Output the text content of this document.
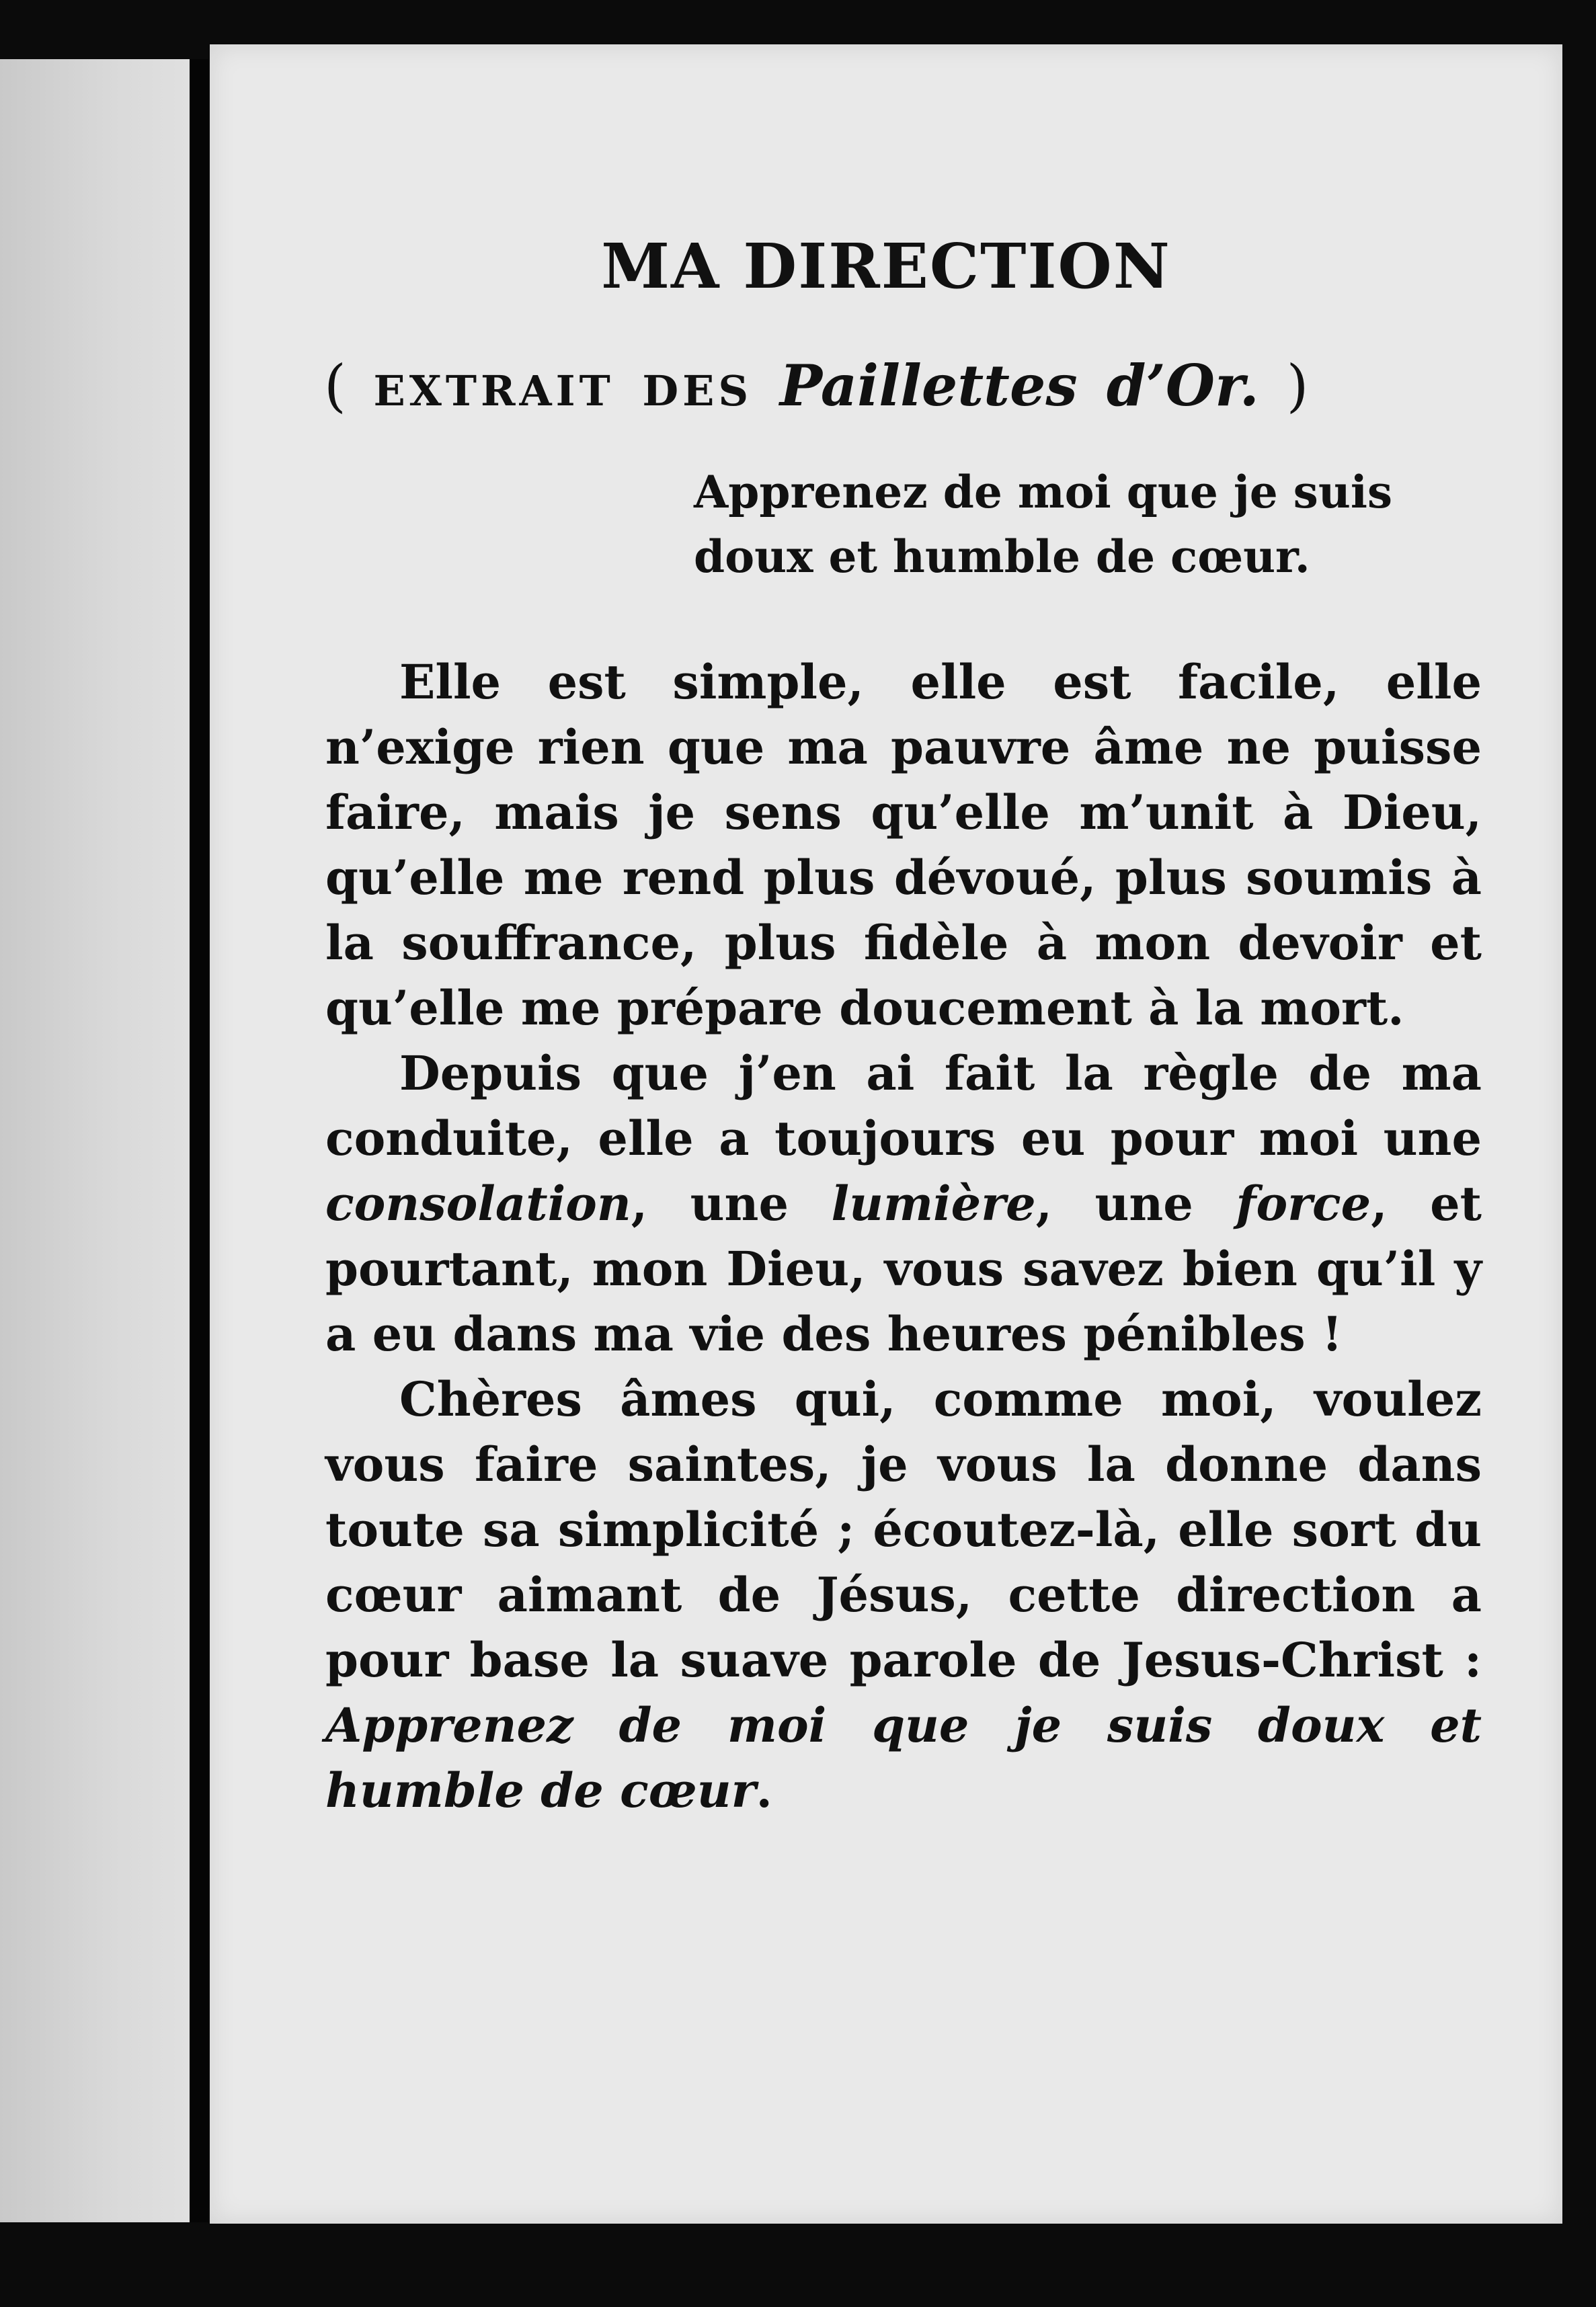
MA DIRECTION

( EXTRAIT DES Paillettes d’Or. )

Apprenez de moi que je suis doux et humble de cœur.

Elle est simple, elle est facile, elle n’exige rien que ma pauvre âme ne puisse faire, mais je sens qu’elle m’unit à Dieu, qu’elle me rend plus dévoué, plus soumis à la souffrance, plus fidèle à mon devoir et qu’elle me prépare doucement à la mort.

Depuis que j’en ai fait la règle de ma conduite, elle a toujours eu pour moi une consolation, une lumière, une force, et pourtant, mon Dieu, vous savez bien qu’il y a eu dans ma vie des heures pénibles !

Chères âmes qui, comme moi, voulez vous faire saintes, je vous la donne dans toute sa simplicité ; écoutez-là, elle sort du cœur aimant de Jésus, cette direction a pour base la suave parole de Jesus-Christ : Apprenez de moi que je suis doux et humble de cœur.
